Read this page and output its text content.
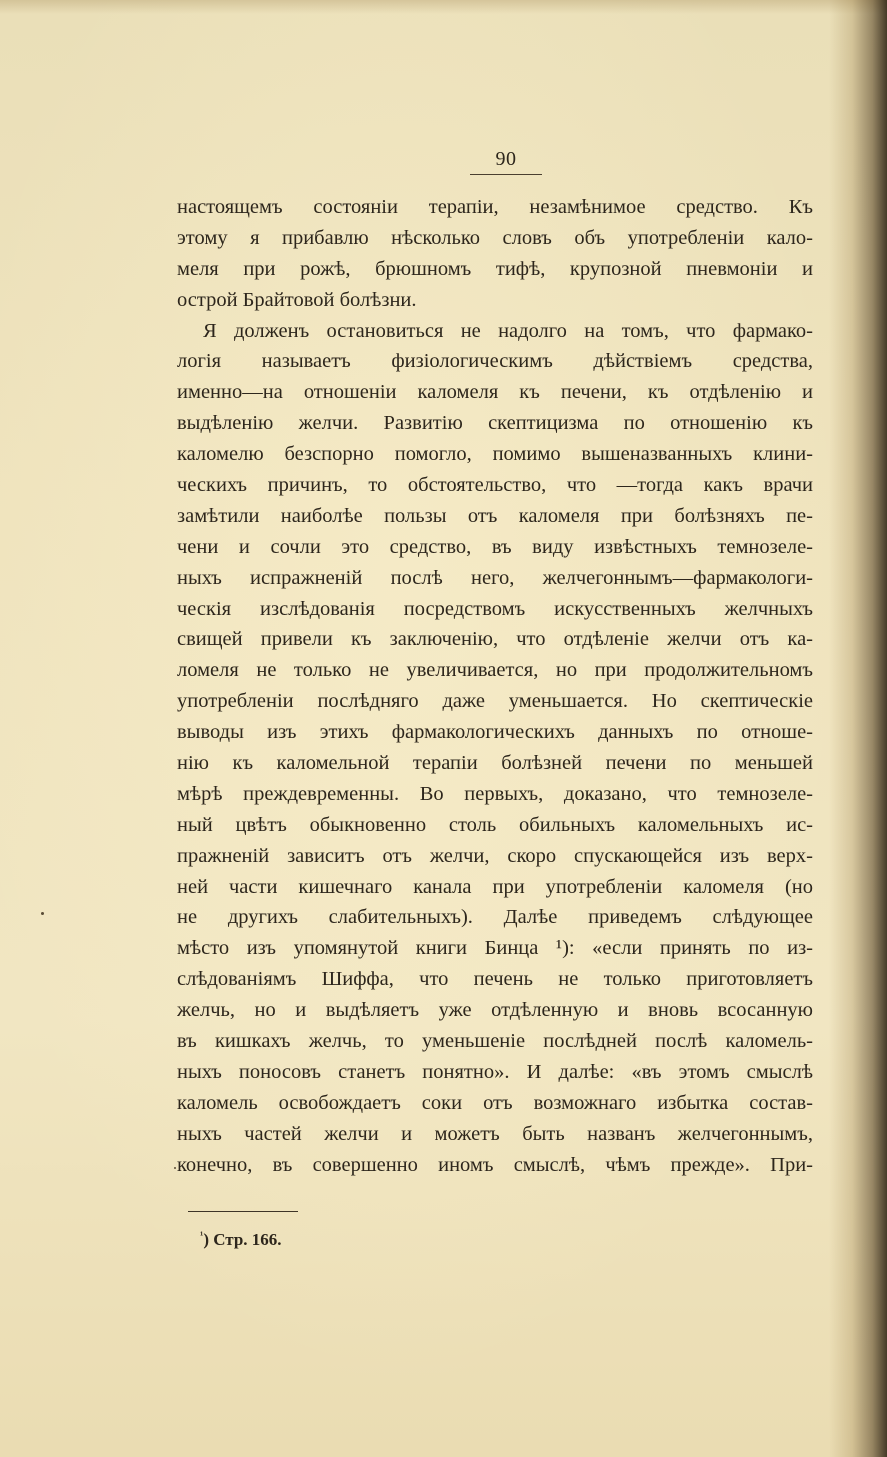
90
настоящемъ состояніи терапіи, незамѣнимое средство. Къ
этому я прибавлю нѣсколько словъ объ употребленіи кало-
меля при рожѣ, брюшномъ тифѣ, крупозной пневмоніи и
острой Брайтовой болѣзни.
Я долженъ остановиться не надолго на томъ, что фармако-
логія называетъ физіологическимъ дѣйствіемъ средства,
именно—на отношеніи каломеля къ печени, къ отдѣленію и
выдѣленію желчи. Развитію скептицизма по отношенію къ
каломелю безспорно помогло, помимо вышеназванныхъ клини-
ческихъ причинъ, то обстоятельство, что —тогда какъ врачи
замѣтили наиболѣе пользы отъ каломеля при болѣзняхъ пе-
чени и сочли это средство, въ виду извѣстныхъ темнозеле-
ныхъ испражненій послѣ него, желчегоннымъ—фармакологи-
ческія изслѣдованія посредствомъ искусственныхъ желчныхъ
свищей привели къ заключенію, что отдѣленіе желчи отъ ка-
ломеля не только не увеличивается, но при продолжительномъ
употребленіи послѣдняго даже уменьшается. Но скептическіе
выводы изъ этихъ фармакологическихъ данныхъ по отноше-
нію къ каломельной терапіи болѣзней печени по меньшей
мѣрѣ преждевременны. Во первыхъ, доказано, что темнозеле-
ный цвѣтъ обыкновенно столь обильныхъ каломельныхъ ис-
пражненій зависитъ отъ желчи, скоро спускающейся изъ верх-
ней части кишечнаго канала при употребленіи каломеля (но
не другихъ слабительныхъ). Далѣе приведемъ слѣдующее
мѣсто изъ упомянутой книги Бинца ¹): «если принять по из-
слѣдованіямъ Шиффа, что печень не только приготовляетъ
желчь, но и выдѣляетъ уже отдѣленную и вновь всосанную
въ кишкахъ желчь, то уменьшеніе послѣдней послѣ каломель-
ныхъ поносовъ станетъ понятно». И далѣе: «въ этомъ смыслѣ
каломель освобождаетъ соки отъ возможнаго избытка состав-
ныхъ частей желчи и можетъ быть названъ желчегоннымъ,
конечно, въ совершенно иномъ смыслѣ, чѣмъ прежде». При-
$^{^1}$) Стр. 166.
